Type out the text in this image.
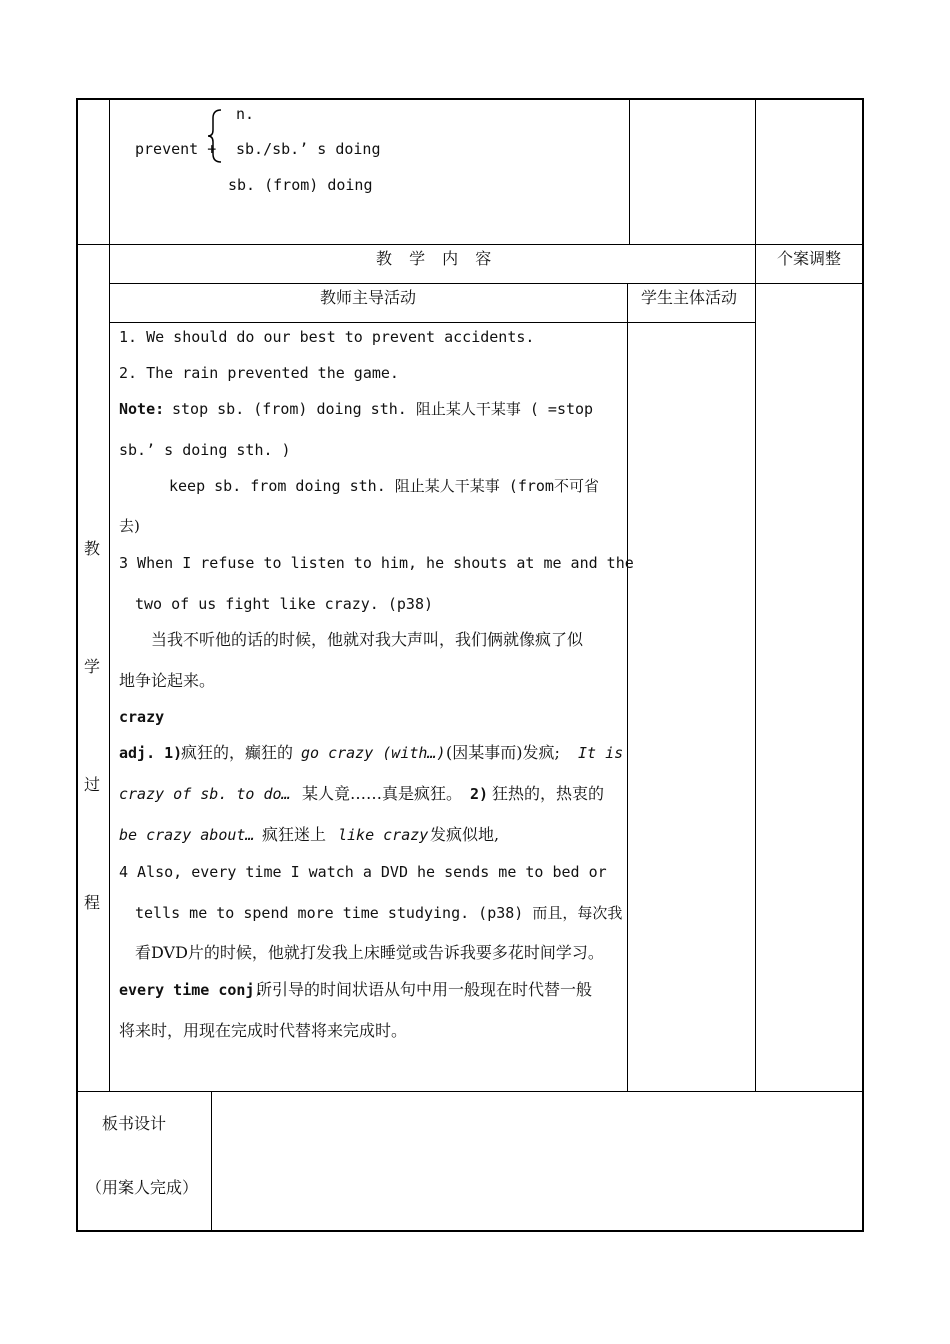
n.
prevent + sb./sb.’ s doing
sb. (from) doing
教 学 内 容	个案调整
教师主导活动	学生主体活动
教
学
过
程
1. We should do our best to prevent accidents.
2. The rain prevented the game.
Note: stop sb. (from) doing sth. 阻止某人干某事 ( =stop
sb.’ s doing sth. )
keep sb. from doing sth. 阻止某人干某事 (from不可省
去)
3 When I refuse to listen to him, he shouts at me and the
two of us fight like crazy. (p38)
当我不听他的话的时候，他就对我大声叫，我们俩就像疯了似
地争论起来。
crazy
adj. 1)
疯狂的，癫狂的 go crazy (with…) (因某事而)发疯; It is
crazy of sb. to do… 某人竟……真是疯狂。 2) 狂热的，热衷的
be crazy about… 疯狂迷上 like crazy 发疯似地,
4 Also, every time I watch a DVD he sends me to bed or
tells me to spend more time studying. (p38) 而且，每次我
看DVD片的时候，他就打发我上床睡觉或告诉我要多花时间学习。
every time conj.
所引导的时间状语从句中用一般现在时代替一般
将来时，用现在完成时代替将来完成时。
板书设计
（用案人完成）
